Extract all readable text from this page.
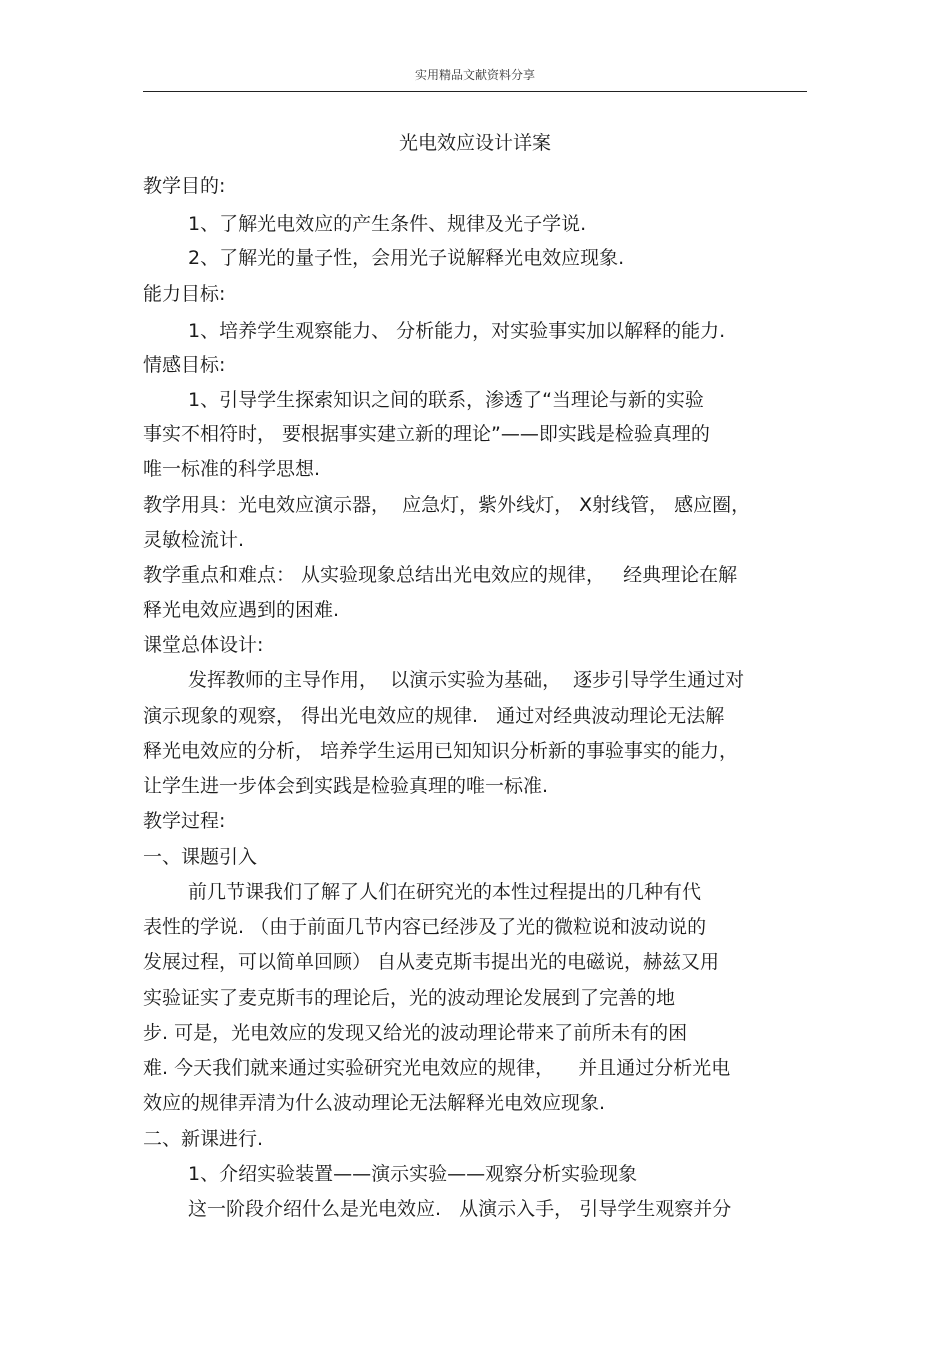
实用精品文献资料分享
光电效应设计详案
教学目的:
1、了解光电效应的产生条件、规律及光子学说.
2、了解光的量子性，会用光子说解释光电效应现象.
能力目标:
1、培养学生观察能力、 分析能力，对实验事实加以解释的能力.
情感目标:
1、引导学生探索知识之间的联系，渗透了“当理论与新的实验
事实不相符时， 要根据事实建立新的理论”——即实践是检验真理的
唯一标准的科学思想.
教学用具：光电效应演示器，  应急灯，紫外线灯， X射线管， 感应圈，
灵敏检流计.
教学重点和难点： 从实验现象总结出光电效应的规律，   经典理论在解
释光电效应遇到的困难.
课堂总体设计:
发挥教师的主导作用，  以演示实验为基础，  逐步引导学生通过对
演示现象的观察， 得出光电效应的规律.   通过对经典波动理论无法解
释光电效应的分析， 培养学生运用已知知识分析新的事验事实的能力，
让学生进一步体会到实践是检验真理的唯一标准.
教学过程:
一、课题引入
前几节课我们了解了人们在研究光的本性过程提出的几种有代
表性的学说. （由于前面几节内容已经涉及了光的微粒说和波动说的
发展过程，可以简单回顾） 自从麦克斯韦提出光的电磁说，赫兹又用
实验证实了麦克斯韦的理论后，光的波动理论发展到了完善的地
步. 可是，光电效应的发现又给光的波动理论带来了前所未有的困
难. 今天我们就来通过实验研究光电效应的规律，    并且通过分析光电
效应的规律弄清为什么波动理论无法解释光电效应现象.
二、新课进行.
1、介绍实验装置——演示实验——观察分析实验现象
这一阶段介绍什么是光电效应.   从演示入手， 引导学生观察并分
